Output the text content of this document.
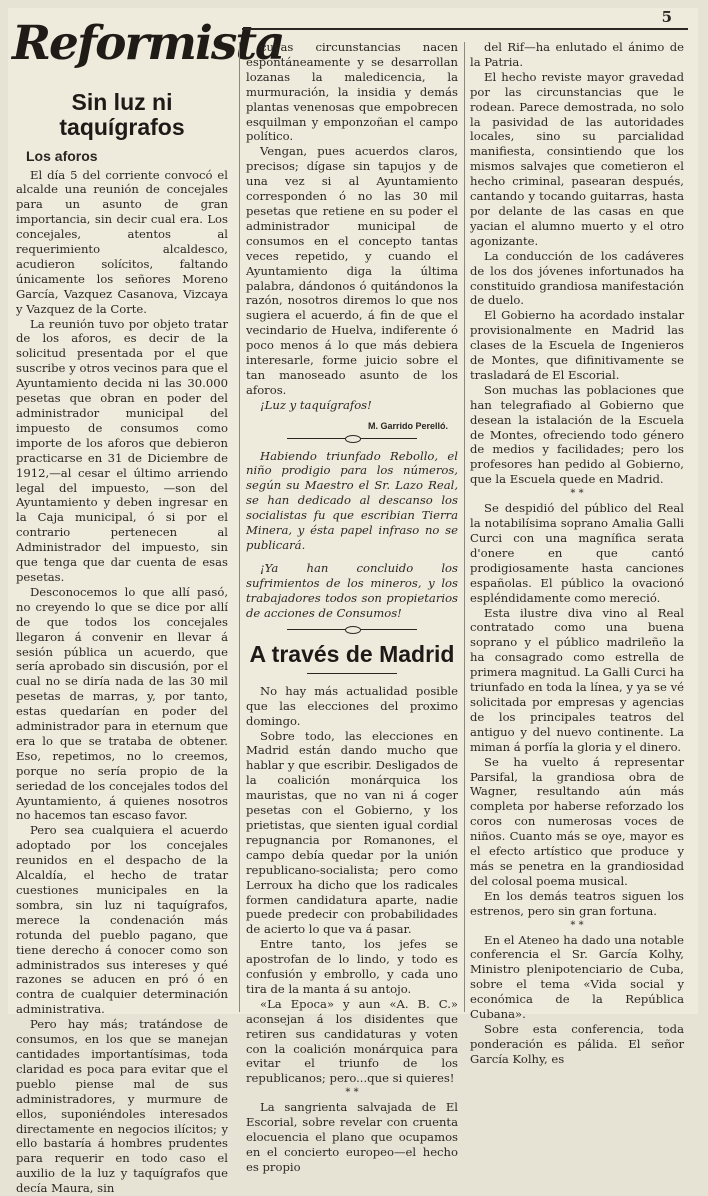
Reformista	5
Sin luz ni taquígrafos
Los aforos

El día 5 del corriente convocó el alcalde una reunión de concejales para un asunto de gran importancia, sin decir cual era. Los concejales, atentos al requerimiento alcaldesco, acudieron solícitos, faltando únicamente los señores Moreno García, Vazquez Casanova, Vizcaya y Vazquez de la Corte.

La reunión tuvo por objeto tratar de los aforos, es decir de la solicitud presentada por el que suscribe y otros vecinos para que el Ayuntamiento decida ni las 30.000 pesetas que obran en poder del administrador municipal del impuesto de consumos como importe de los aforos que debieron practicarse en 31 de Diciembre de 1912,—al cesar el último arriendo legal del impuesto, —son del Ayuntamiento y deben ingresar en la Caja municipal, ó si por el contrario pertenecen al Administrador del impuesto, sin que tenga que dar cuenta de esas pesetas.

Desconocemos lo que allí pasó, no creyendo lo que se dice por allí de que todos los concejales llegaron á convenir en llevar á sesión pública un acuerdo, que sería aprobado sin discusión, por el cual no se diría nada de las 30 mil pesetas de marras, y, por tanto, estas quedarían en poder del administrador para in eternum que era lo que se trataba de obtener. Eso, repetimos, no lo creemos, porque no sería propio de la seriedad de los concejales todos del Ayuntamiento, á quienes nosotros no hacemos tan escaso favor.

Pero sea cualquiera el acuerdo adoptado por los concejales reunidos en el despacho de la Alcaldía, el hecho de tratar cuestiones municipales en la sombra, sin luz ni taquígrafos, merece la condenación más rotunda del pueblo pagano, que tiene derecho á conocer como son administrados sus intereses y qué razones se aducen en pró ó en contra de cualquier determinación administrativa.

Pero hay más; tratándose de consumos, en los que se manejan cantidades importantísimas, toda claridad es poca para evitar que el pueblo piense mal de sus administradores, y murmure de ellos, suponiéndoles interesados directamente en negocios ilícitos; y ello bastaría á hombres prudentes para requerir en todo caso el auxilio de la luz y taquígrafos que decía Maura, sin

cuyas circunstancias nacen espontáneamente y se desarrollan lozanas la maledicencia, la murmuración, la insidia y demás plantas venenosas que empobrecen esquilman y emponzoñan el campo político.

Vengan, pues acuerdos claros, precisos; dígase sin tapujos y de una vez si al Ayuntamiento corresponden ó no las 30 mil pesetas que retiene en su poder el administrador municipal de consumos en el concepto tantas veces repetido, y cuando el Ayuntamiento diga la última palabra, dándonos ó quitándonos la razón, nosotros diremos lo que nos sugiera el acuerdo, á fin de que el vecindario de Huelva, indiferente ó poco menos á lo que más debiera interesarle, forme juicio sobre el tan manoseado asunto de los aforos.

¡Luz y taquígrafos!

M. Garrido Perelló.

Habiendo triunfado Rebollo, el niño prodigio para los números, según su Maestro el Sr. Lazo Real, se han dedicado al descanso los socialistas fu que escribian Tierra Minera, y ésta papel infraso no se publicará.

¡Ya han concluido los sufrimientos de los mineros, y los trabajadores todos son propietarios de acciones de Consumos!

A través de Madrid

No hay más actualidad posible que las elecciones del proximo domingo.

Sobre todo, las elecciones en Madrid están dando mucho que hablar y que escribir. Desligados de la coalición monárquica los mauristas, que no van ni á coger pesetas con el Gobierno, y los prietistas, que sienten igual cordial repugnancia por Romanones, el campo debía quedar por la unión republicano-socialista; pero como Lerroux ha dicho que los radicales formen candidatura aparte, nadie puede predecir con probabilidades de acierto lo que va á pasar.

Entre tanto, los jefes se apostrofan de lo lindo, y todo es confusión y embrollo, y cada uno tira de la manta á su antojo.

«La Epoca» y aun «A. B. C.» aconsejan á los disidentes que retiren sus candidaturas y voten con la coalición monárquica para evitar el triunfo de los republicanos; pero...que si quieres!

* *

La sangrienta salvajada de El Escorial, sobre revelar con cruenta elocuencia el plano que ocupamos en el concierto europeo—el hecho es propio

del Rif—ha enlutado el ánimo de la Patria.

El hecho reviste mayor gravedad por las circunstancias que le rodean. Parece demostrada, no solo la pasividad de las autoridades locales, sino su parcialidad manifiesta, consintiendo que los mismos salvajes que cometieron el hecho criminal, pasearan después, cantando y tocando guitarras, hasta por delante de las casas en que yacian el alumno muerto y el otro agonizante.

La conducción de los cadáveres de los dos jóvenes infortunados ha constituido grandiosa manifestación de duelo.

El Gobierno ha acordado instalar provisionalmente en Madrid las clases de la Escuela de Ingenieros de Montes, que difinitivamente se trasladará de El Escorial.

Son muchas las poblaciones que han telegrafiado al Gobierno que desean la istalación de la Escuela de Montes, ofreciendo todo género de medios y facilidades; pero los profesores han pedido al Gobierno, que la Escuela quede en Madrid.

* *

Se despidió del público del Real la notabilísima soprano Amalia Galli Curci con una magnífica serata d'onere en que cantó prodigiosamente hasta canciones españolas. El público la ovacionó espléndidamente como mereció.

Esta ilustre diva vino al Real contratado como una buena soprano y el público madrileño la ha consagrado como estrella de primera magnitud. La Galli Curci ha triunfado en toda la línea, y ya se vé solicitada por empresas y agencias de los principales teatros del antiguo y del nuevo continente. La miman á porfía la gloria y el dinero.

Se ha vuelto á representar Parsifal, la grandiosa obra de Wagner, resultando aún más completa por haberse reforzado los coros con numerosas voces de niños. Cuanto más se oye, mayor es el efecto artístico que produce y más se penetra en la grandiosidad del colosal poema musical.

En los demás teatros siguen los estrenos, pero sin gran fortuna.

* *

En el Ateneo ha dado una notable conferencia el Sr. García Kolhy, Ministro plenipotenciario de Cuba, sobre el tema «Vida social y económica de la República Cubana».

Sobre esta conferencia, toda ponderación es pálida. El señor García Kolhy, es
